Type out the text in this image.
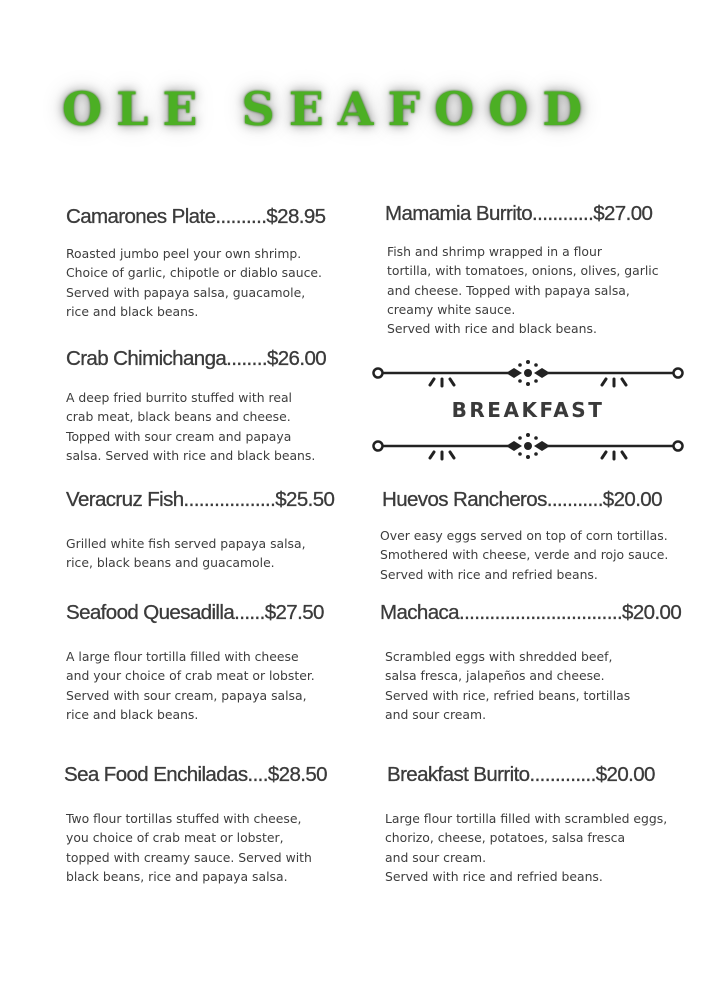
OLE SEAFOOD
Camarones Plate..........$28.95

Roasted jumbo peel your own shrimp.
Choice of garlic, chipotle or diablo sauce.
Served with papaya salsa, guacamole,
rice and black beans.

Crab Chimichanga........$26.00

A deep fried burrito stuffed with real
crab meat, black beans and cheese.
Topped with sour cream and papaya
salsa. Served with rice and black beans.

Veracruz Fish..................$25.50

Grilled white fish served papaya salsa,
rice, black beans and guacamole.

Seafood Quesadilla......$27.50

A large flour tortilla filled with cheese
and your choice of crab meat or lobster.
Served with sour cream, papaya salsa,
rice and black beans.

Sea Food Enchiladas....$28.50

Two flour tortillas stuffed with cheese,
you choice of crab meat or lobster,
topped with creamy sauce. Served with
black beans, rice and papaya salsa.

Mamamia Burrito............$27.00

Fish and shrimp wrapped in a flour
tortilla, with tomatoes, onions, olives, garlic
and cheese. Topped with papaya salsa,
creamy white sauce.
Served with rice and black beans.

BREAKFAST
Huevos Rancheros...........$20.00

Over easy eggs served on top of corn tortillas.
Smothered with cheese, verde and rojo sauce.
Served with rice and refried beans.

Machaca................................$20.00

Scrambled eggs with shredded beef,
salsa fresca, jalapeños and cheese.
Served with rice, refried beans, tortillas
and sour cream.

Breakfast Burrito.............$20.00

Large flour tortilla filled with scrambled eggs,
chorizo, cheese, potatoes, salsa fresca
and sour cream.
Served with rice and refried beans.
